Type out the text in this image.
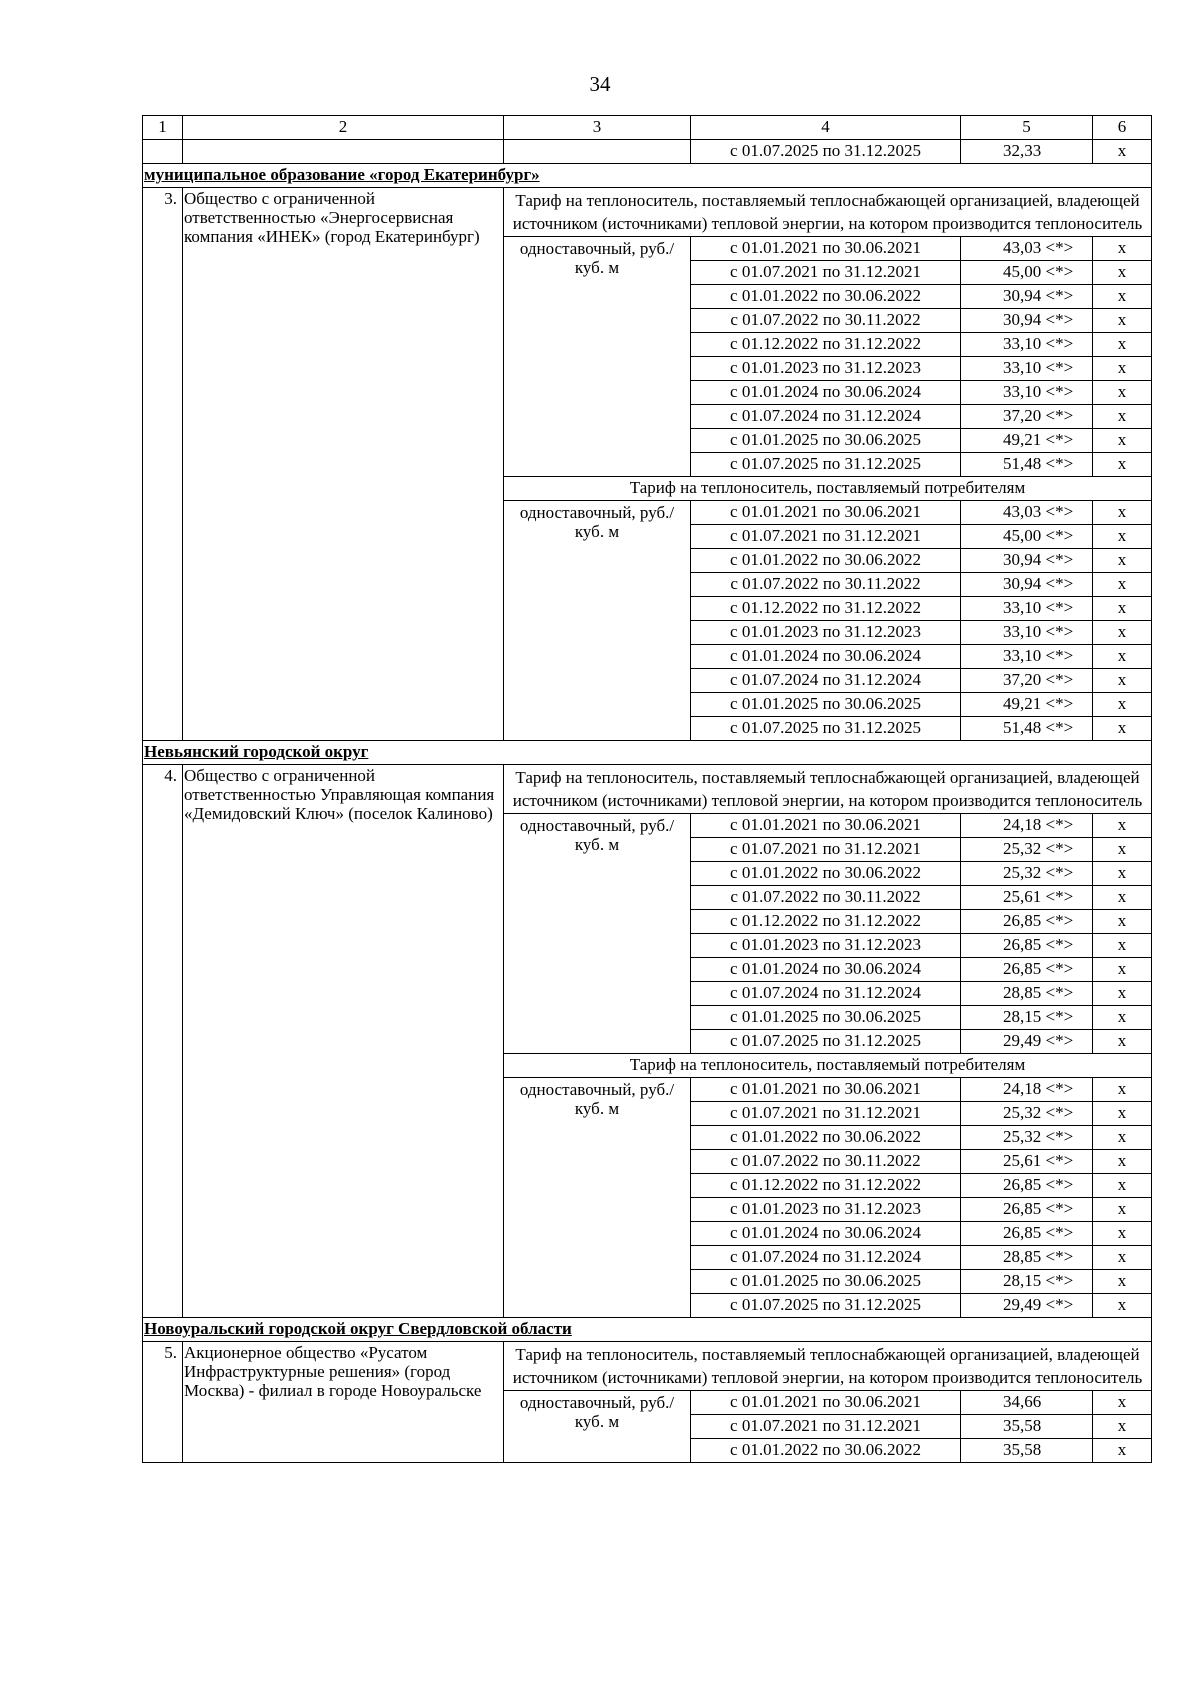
34
1	2	3	4	5	6
			с 01.07.2025 по 31.12.2025	32,33	х
муниципальное образование «город Екатеринбург»					
3.	Общество с ограниченной ответственностью «Энергосервисная компания «ИНЕК» (город Екатеринбург)	Тариф на теплоноситель, поставляемый теплоснабжающей организацией, владеющей источником (источниками) тепловой энергии, на котором производится теплоноситель			
		одноставочный, руб./куб. м	с 01.01.2021 по 30.06.2021	43,03 <*>	х
			с 01.07.2021 по 31.12.2021	45,00 <*>	х
			с 01.01.2022 по 30.06.2022	30,94 <*>	х
			с 01.07.2022 по 30.11.2022	30,94 <*>	х
			с 01.12.2022 по 31.12.2022	33,10 <*>	х
			с 01.01.2023 по 31.12.2023	33,10 <*>	х
			с 01.01.2024 по 30.06.2024	33,10 <*>	х
			с 01.07.2024 по 31.12.2024	37,20 <*>	х
			с 01.01.2025 по 30.06.2025	49,21 <*>	х
			с 01.07.2025 по 31.12.2025	51,48 <*>	х
		Тариф на теплоноситель, поставляемый потребителям			
		одноставочный, руб./куб. м	с 01.01.2021 по 30.06.2021	43,03 <*>	х
			с 01.07.2021 по 31.12.2021	45,00 <*>	х
			с 01.01.2022 по 30.06.2022	30,94 <*>	х
			с 01.07.2022 по 30.11.2022	30,94 <*>	х
			с 01.12.2022 по 31.12.2022	33,10 <*>	х
			с 01.01.2023 по 31.12.2023	33,10 <*>	х
			с 01.01.2024 по 30.06.2024	33,10 <*>	х
			с 01.07.2024 по 31.12.2024	37,20 <*>	х
			с 01.01.2025 по 30.06.2025	49,21 <*>	х
			с 01.07.2025 по 31.12.2025	51,48 <*>	х
Невьянский городской округ					
4.	Общество с ограниченной ответственностью Управляющая компания «Демидовский Ключ» (поселок Калиново)	Тариф на теплоноситель, поставляемый теплоснабжающей организацией, владеющей источником (источниками) тепловой энергии, на котором производится теплоноситель			
		одноставочный, руб./куб. м	с 01.01.2021 по 30.06.2021	24,18 <*>	х
			с 01.07.2021 по 31.12.2021	25,32 <*>	х
			с 01.01.2022 по 30.06.2022	25,32 <*>	х
			с 01.07.2022 по 30.11.2022	25,61 <*>	х
			с 01.12.2022 по 31.12.2022	26,85 <*>	х
			с 01.01.2023 по 31.12.2023	26,85 <*>	х
			с 01.01.2024 по 30.06.2024	26,85 <*>	х
			с 01.07.2024 по 31.12.2024	28,85 <*>	х
			с 01.01.2025 по 30.06.2025	28,15 <*>	х
			с 01.07.2025 по 31.12.2025	29,49 <*>	х
		Тариф на теплоноситель, поставляемый потребителям			
		одноставочный, руб./куб. м	с 01.01.2021 по 30.06.2021	24,18 <*>	х
			с 01.07.2021 по 31.12.2021	25,32 <*>	х
			с 01.01.2022 по 30.06.2022	25,32 <*>	х
			с 01.07.2022 по 30.11.2022	25,61 <*>	х
			с 01.12.2022 по 31.12.2022	26,85 <*>	х
			с 01.01.2023 по 31.12.2023	26,85 <*>	х
			с 01.01.2024 по 30.06.2024	26,85 <*>	х
			с 01.07.2024 по 31.12.2024	28,85 <*>	х
			с 01.01.2025 по 30.06.2025	28,15 <*>	х
			с 01.07.2025 по 31.12.2025	29,49 <*>	х
Новоуральский городской округ Свердловской области					
5.	Акционерное общество «Русатом Инфраструктурные решения» (город Москва) - филиал в городе Новоуральске	Тариф на теплоноситель, поставляемый теплоснабжающей организацией, владеющей источником (источниками) тепловой энергии, на котором производится теплоноситель			
		одноставочный, руб./куб. м	с 01.01.2021 по 30.06.2021	34,66	х
			с 01.07.2021 по 31.12.2021	35,58	х
			с 01.01.2022 по 30.06.2022	35,58	х
